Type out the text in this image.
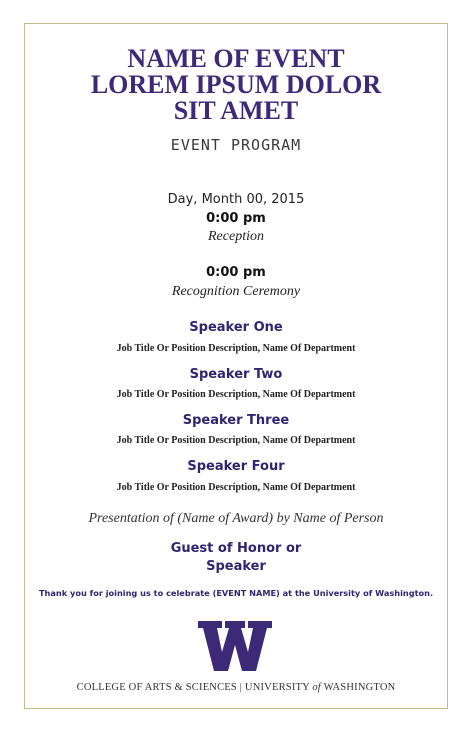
NAME OF EVENT
LOREM IPSUM DOLOR
SIT AMET
EVENT PROGRAM
Day, Month 00, 2015
0:00 pm
Reception
0:00 pm
Recognition Ceremony
Speaker One
Job Title Or Position Description, Name Of Department
Speaker Two
Job Title Or Position Description, Name Of Department
Speaker Three
Job Title Or Position Description, Name Of Department
Speaker Four
Job Title Or Position Description, Name Of Department
Presentation of (Name of Award) by Name of Person
Guest of Honor or
Speaker
Thank you for joining us to celebrate (EVENT NAME) at the University of Washington.
COLLEGE OF ARTS & SCIENCES | UNIVERSITY of WASHINGTON
